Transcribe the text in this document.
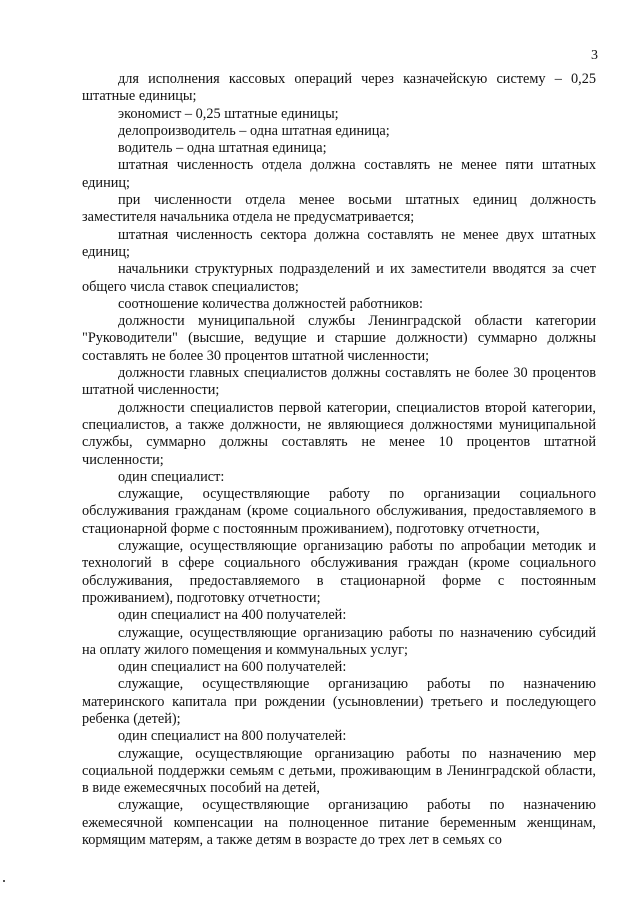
3

для исполнения кассовых операций через казначейскую систему – 0,25 штатные единицы;

экономист – 0,25 штатные единицы;

делопроизводитель – одна штатная единица;

водитель – одна штатная единица;

штатная численность отдела должна составлять не менее пяти штатных единиц;

при численности отдела менее восьми штатных единиц должность заместителя начальника отдела не предусматривается;

штатная численность сектора должна составлять не менее двух штатных единиц;

начальники структурных подразделений и их заместители вводятся за счет общего числа ставок специалистов;

соотношение количества должностей работников:

должности муниципальной службы Ленинградской области категории "Руководители" (высшие, ведущие и старшие должности) суммарно должны составлять не более 30 процентов штатной численности;

должности главных специалистов должны составлять не более 30 процентов штатной численности;

должности специалистов первой категории, специалистов второй категории, специалистов, а также должности, не являющиеся должностями муниципальной службы, суммарно должны составлять не менее 10 процентов штатной численности;

один специалист:

служащие, осуществляющие работу по организации социального обслуживания гражданам (кроме социального обслуживания, предоставляемого в стационарной форме с постоянным проживанием), подготовку отчетности,

служащие, осуществляющие организацию работы по апробации методик и технологий в сфере социального обслуживания граждан (кроме социального обслуживания, предоставляемого в стационарной форме с постоянным проживанием), подготовку отчетности;

один специалист на 400 получателей:

служащие, осуществляющие организацию работы по назначению субсидий на оплату жилого помещения и коммунальных услуг;

один специалист на 600 получателей:

служащие, осуществляющие организацию работы по назначению материнского капитала при рождении (усыновлении) третьего и последующего ребенка (детей);

один специалист на 800 получателей:

служащие, осуществляющие организацию работы по назначению мер социальной поддержки семьям с детьми, проживающим в Ленинградской области, в виде ежемесячных пособий на детей,

служащие, осуществляющие организацию работы по назначению ежемесячной компенсации на полноценное питание беременным женщинам, кормящим матерям, а также детям в возрасте до трех лет в семьях со
